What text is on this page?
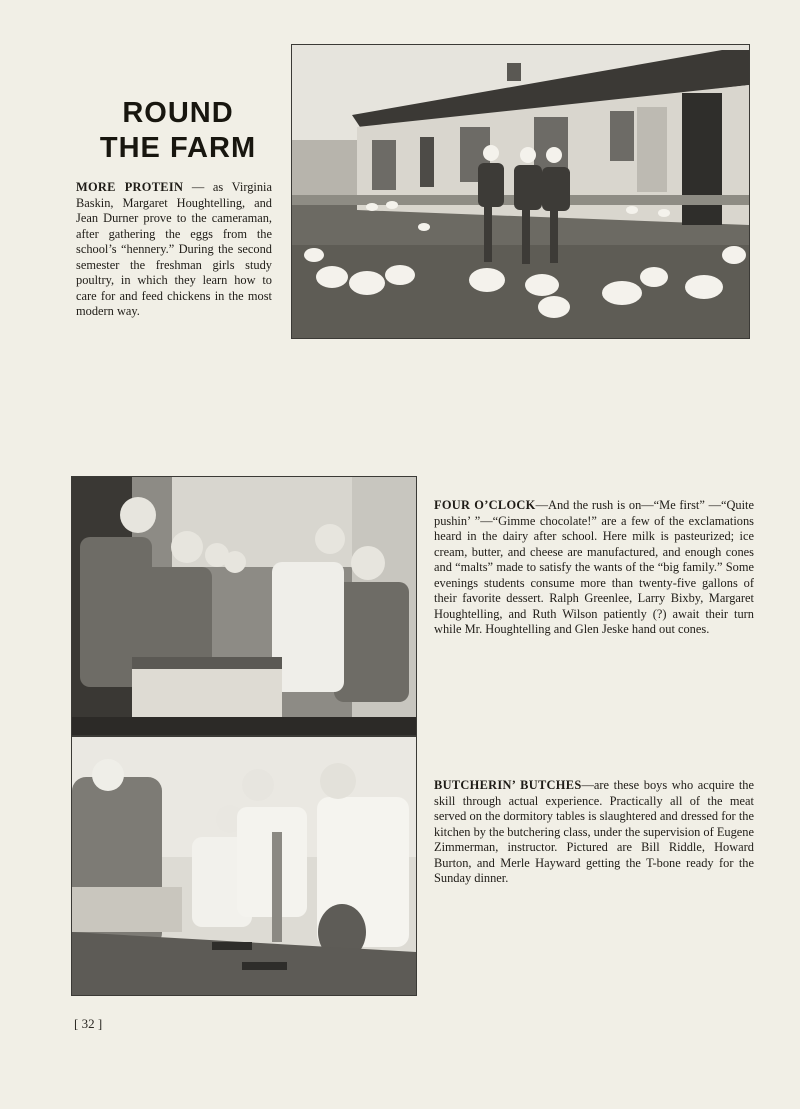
ROUND
THE FARM
MORE PROTEIN — as Virginia Baskin, Margaret Houghtelling, and Jean Durner prove to the cameraman, after gathering the eggs from the school’s “hennery.” During the second semester the freshman girls study poultry, in which they learn how to care for and feed chickens in the most modern way.
FOUR O’CLOCK—And the rush is on—“Me first” —“Quite pushin’ ”—“Gimme chocolate!” are a few of the exclamations heard in the dairy after school. Here milk is pasteurized; ice cream, butter, and cheese are manufactured, and enough cones and “malts” made to satisfy the wants of the “big family.” Some evenings students consume more than twenty-five gallons of their favorite dessert. Ralph Greenlee, Larry Bixby, Margaret Houghtelling, and Ruth Wilson patiently (?) await their turn while Mr. Houghtelling and Glen Jeske hand out cones.
BUTCHERIN’ BUTCHES—are these boys who acquire the skill through actual experience. Practically all of the meat served on the dormitory tables is slaughtered and dressed for the kitchen by the butchering class, under the supervision of Eugene Zimmerman, instructor. Pictured are Bill Riddle, Howard Burton, and Merle Hayward getting the T-bone ready for the Sunday dinner.
[ 32 ]
